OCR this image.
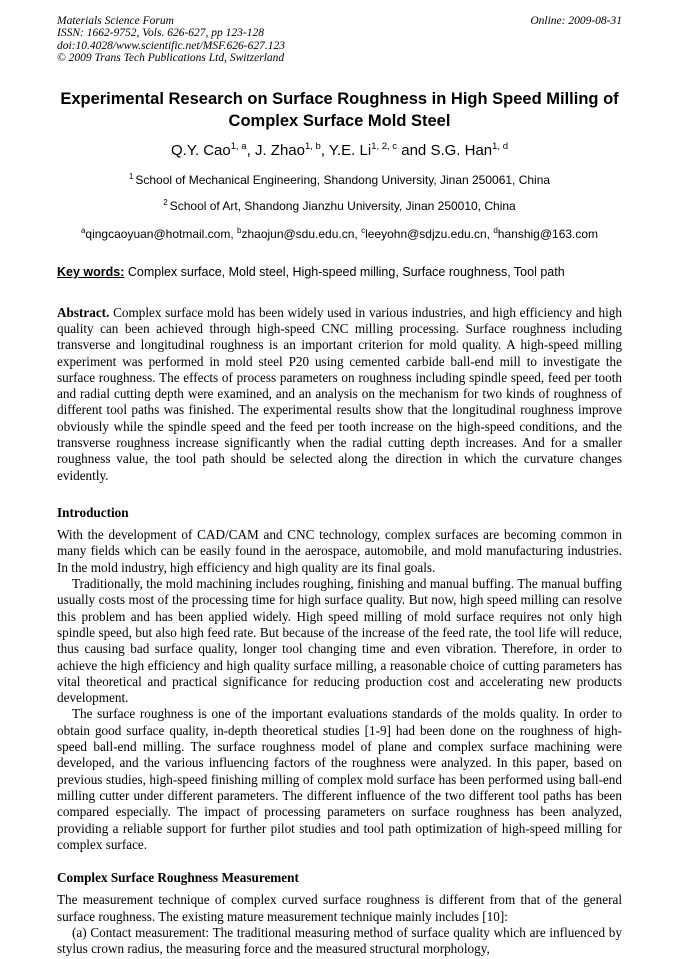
Materials Science Forum
ISSN: 1662-9752, Vols. 626-627, pp 123-128
doi:10.4028/www.scientific.net/MSF.626-627.123
© 2009 Trans Tech Publications Ltd, Switzerland
Online: 2009-08-31
Experimental Research on Surface Roughness in High Speed Milling of Complex Surface Mold Steel
Q.Y. Cao$^{1, a}$, J. Zhao$^{1, b}$, Y.E. Li$^{1, 2, c}$ and S.G. Han$^{1, d}$
$^1$ School of Mechanical Engineering, Shandong University, Jinan 250061, China
$^2$ School of Art, Shandong Jianzhu University, Jinan 250010, China
$^a$qingcaoyuan@hotmail.com, $^b$zhaojun@sdu.edu.cn, $^c$leeyohn@sdjzu.edu.cn, $^d$hanshig@163.com
Key words: Complex surface, Mold steel, High-speed milling, Surface roughness, Tool path
Abstract. Complex surface mold has been widely used in various industries, and high efficiency and high quality can been achieved through high-speed CNC milling processing. Surface roughness including transverse and longitudinal roughness is an important criterion for mold quality. A high-speed milling experiment was performed in mold steel P20 using cemented carbide ball-end mill to investigate the surface roughness. The effects of process parameters on roughness including spindle speed, feed per tooth and radial cutting depth were examined, and an analysis on the mechanism for two kinds of roughness of different tool paths was finished. The experimental results show that the longitudinal roughness improve obviously while the spindle speed and the feed per tooth increase on the high-speed conditions, and the transverse roughness increase significantly when the radial cutting depth increases. And for a smaller roughness value, the tool path should be selected along the direction in which the curvature changes evidently.
Introduction

With the development of CAD/CAM and CNC technology, complex surfaces are becoming common in many fields which can be easily found in the aerospace, automobile, and mold manufacturing industries. In the mold industry, high efficiency and high quality are its final goals.

Traditionally, the mold machining includes roughing, finishing and manual buffing. The manual buffing usually costs most of the processing time for high surface quality. But now, high speed milling can resolve this problem and has been applied widely. High speed milling of mold surface requires not only high spindle speed, but also high feed rate. But because of the increase of the feed rate, the tool life will reduce, thus causing bad surface quality, longer tool changing time and even vibration. Therefore, in order to achieve the high efficiency and high quality surface milling, a reasonable choice of cutting parameters has vital theoretical and practical significance for reducing production cost and accelerating new products development.

The surface roughness is one of the important evaluations standards of the molds quality. In order to obtain good surface quality, in-depth theoretical studies [1-9] had been done on the roughness of high-speed ball-end milling. The surface roughness model of plane and complex surface machining were developed, and the various influencing factors of the roughness were analyzed. In this paper, based on previous studies, high-speed finishing milling of complex mold surface has been performed using ball-end milling cutter under different parameters. The different influence of the two different tool paths has been compared especially. The impact of processing parameters on surface roughness has been analyzed, providing a reliable support for further pilot studies and tool path optimization of high-speed milling for complex surface.

Complex Surface Roughness Measurement

The measurement technique of complex curved surface roughness is different from that of the general surface roughness. The existing mature measurement technique mainly includes [10]:

(a) Contact measurement: The traditional measuring method of surface quality which are influenced by stylus crown radius, the measuring force and the measured structural morphology,
